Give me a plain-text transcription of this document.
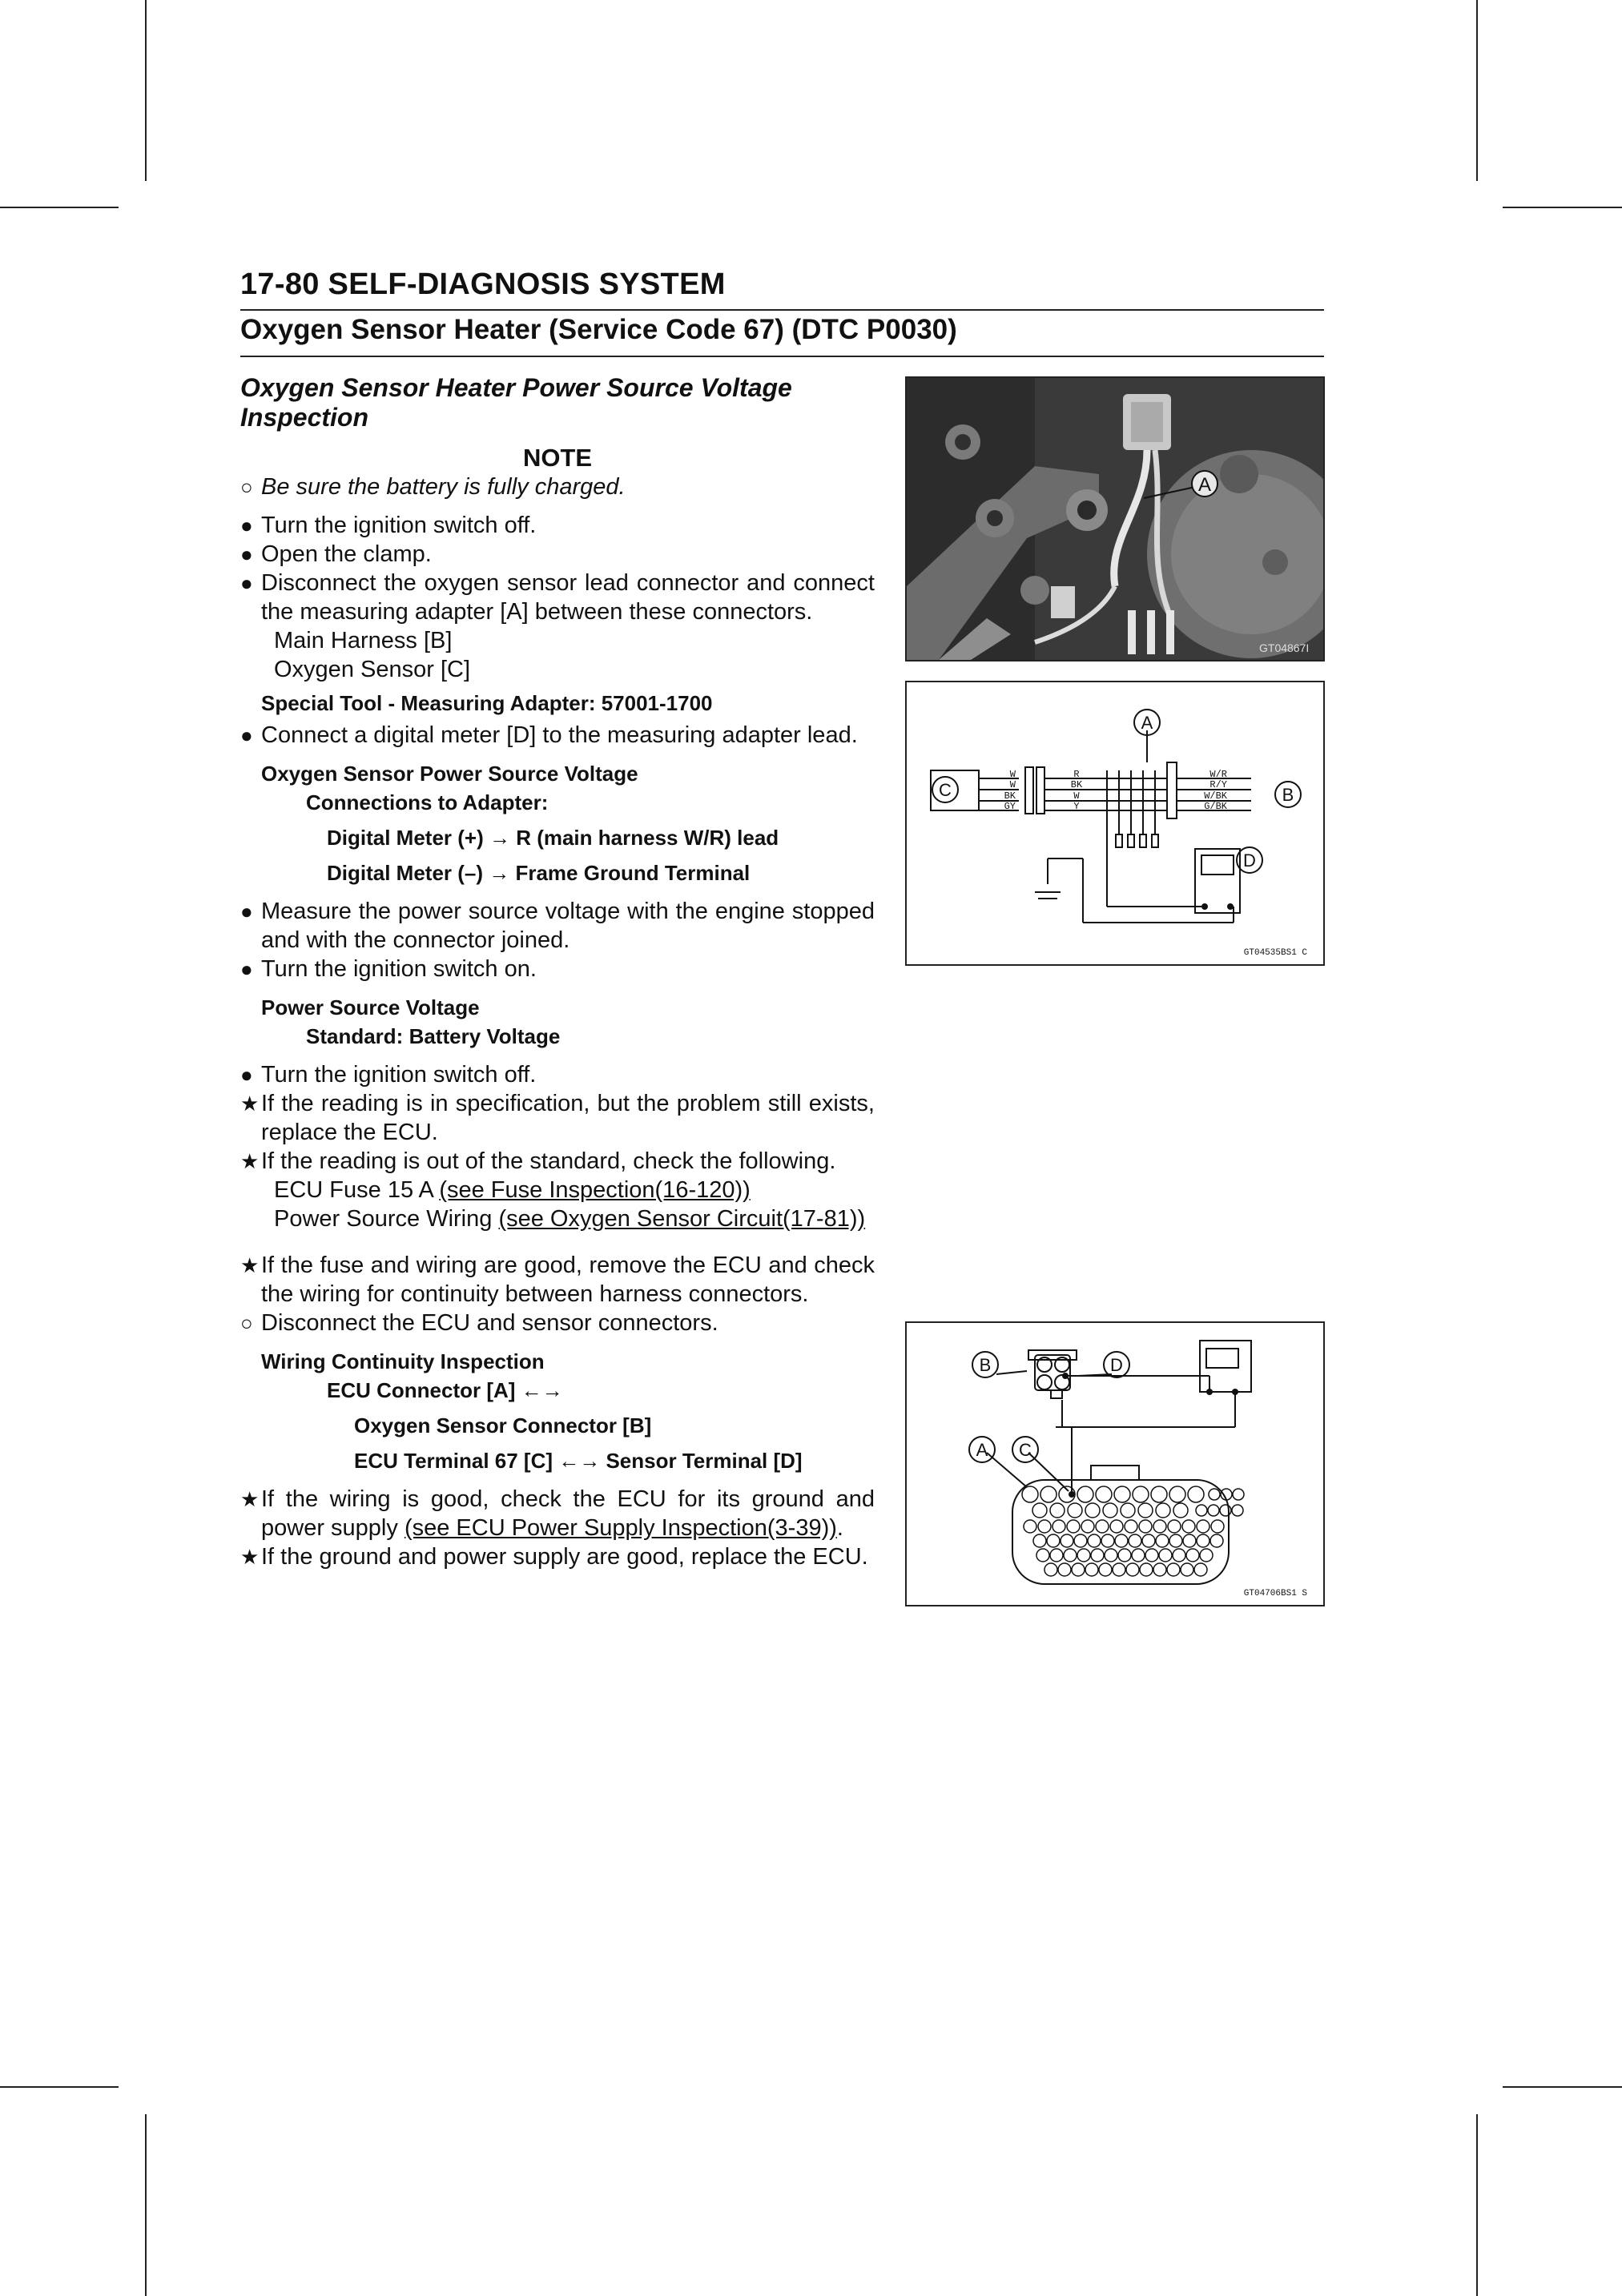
17-80 SELF-DIAGNOSIS SYSTEM
Oxygen Sensor Heater (Service Code 67) (DTC P0030)
Oxygen Sensor Heater Power Source Voltage Inspection
NOTE
○ Be sure the battery is fully charged.
● Turn the ignition switch off.
● Open the clamp.
● Disconnect the oxygen sensor lead connector and connect the measuring adapter [A] between these connectors.
Main Harness [B]
Oxygen Sensor [C]
Special Tool - Measuring Adapter: 57001-1700
● Connect a digital meter [D] to the measuring adapter lead.
Oxygen Sensor Power Source Voltage
Connections to Adapter:
Digital Meter (+) → R (main harness W/R) lead
Digital Meter (–) → Frame Ground Terminal
● Measure the power source voltage with the engine stopped and with the connector joined.
● Turn the ignition switch on.
Power Source Voltage
Standard: Battery Voltage
● Turn the ignition switch off.
★ If the reading is in specification, but the problem still exists, replace the ECU.
★ If the reading is out of the standard, check the following.
ECU Fuse 15 A (see Fuse Inspection(16-120))
Power Source Wiring (see Oxygen Sensor Circuit(17-81))
★ If the fuse and wiring are good, remove the ECU and check the wiring for continuity between harness connectors.
○ Disconnect the ECU and sensor connectors.
Wiring Continuity Inspection
ECU Connector [A] ←→
Oxygen Sensor Connector [B]
ECU Terminal 67 [C] ←→ Sensor Terminal [D]
★ If the wiring is good, check the ECU for its ground and power supply (see ECU Power Supply Inspection(3-39)).
★ If the ground and power supply are good, replace the ECU.
A
GT04867I
W
W
BK
GY
R
BK
W
Y
W/R
R/Y
W/BK
G/BK
GT04535BS1 C
A
B
C
D
A
B
C
D
GT04706BS1 S
